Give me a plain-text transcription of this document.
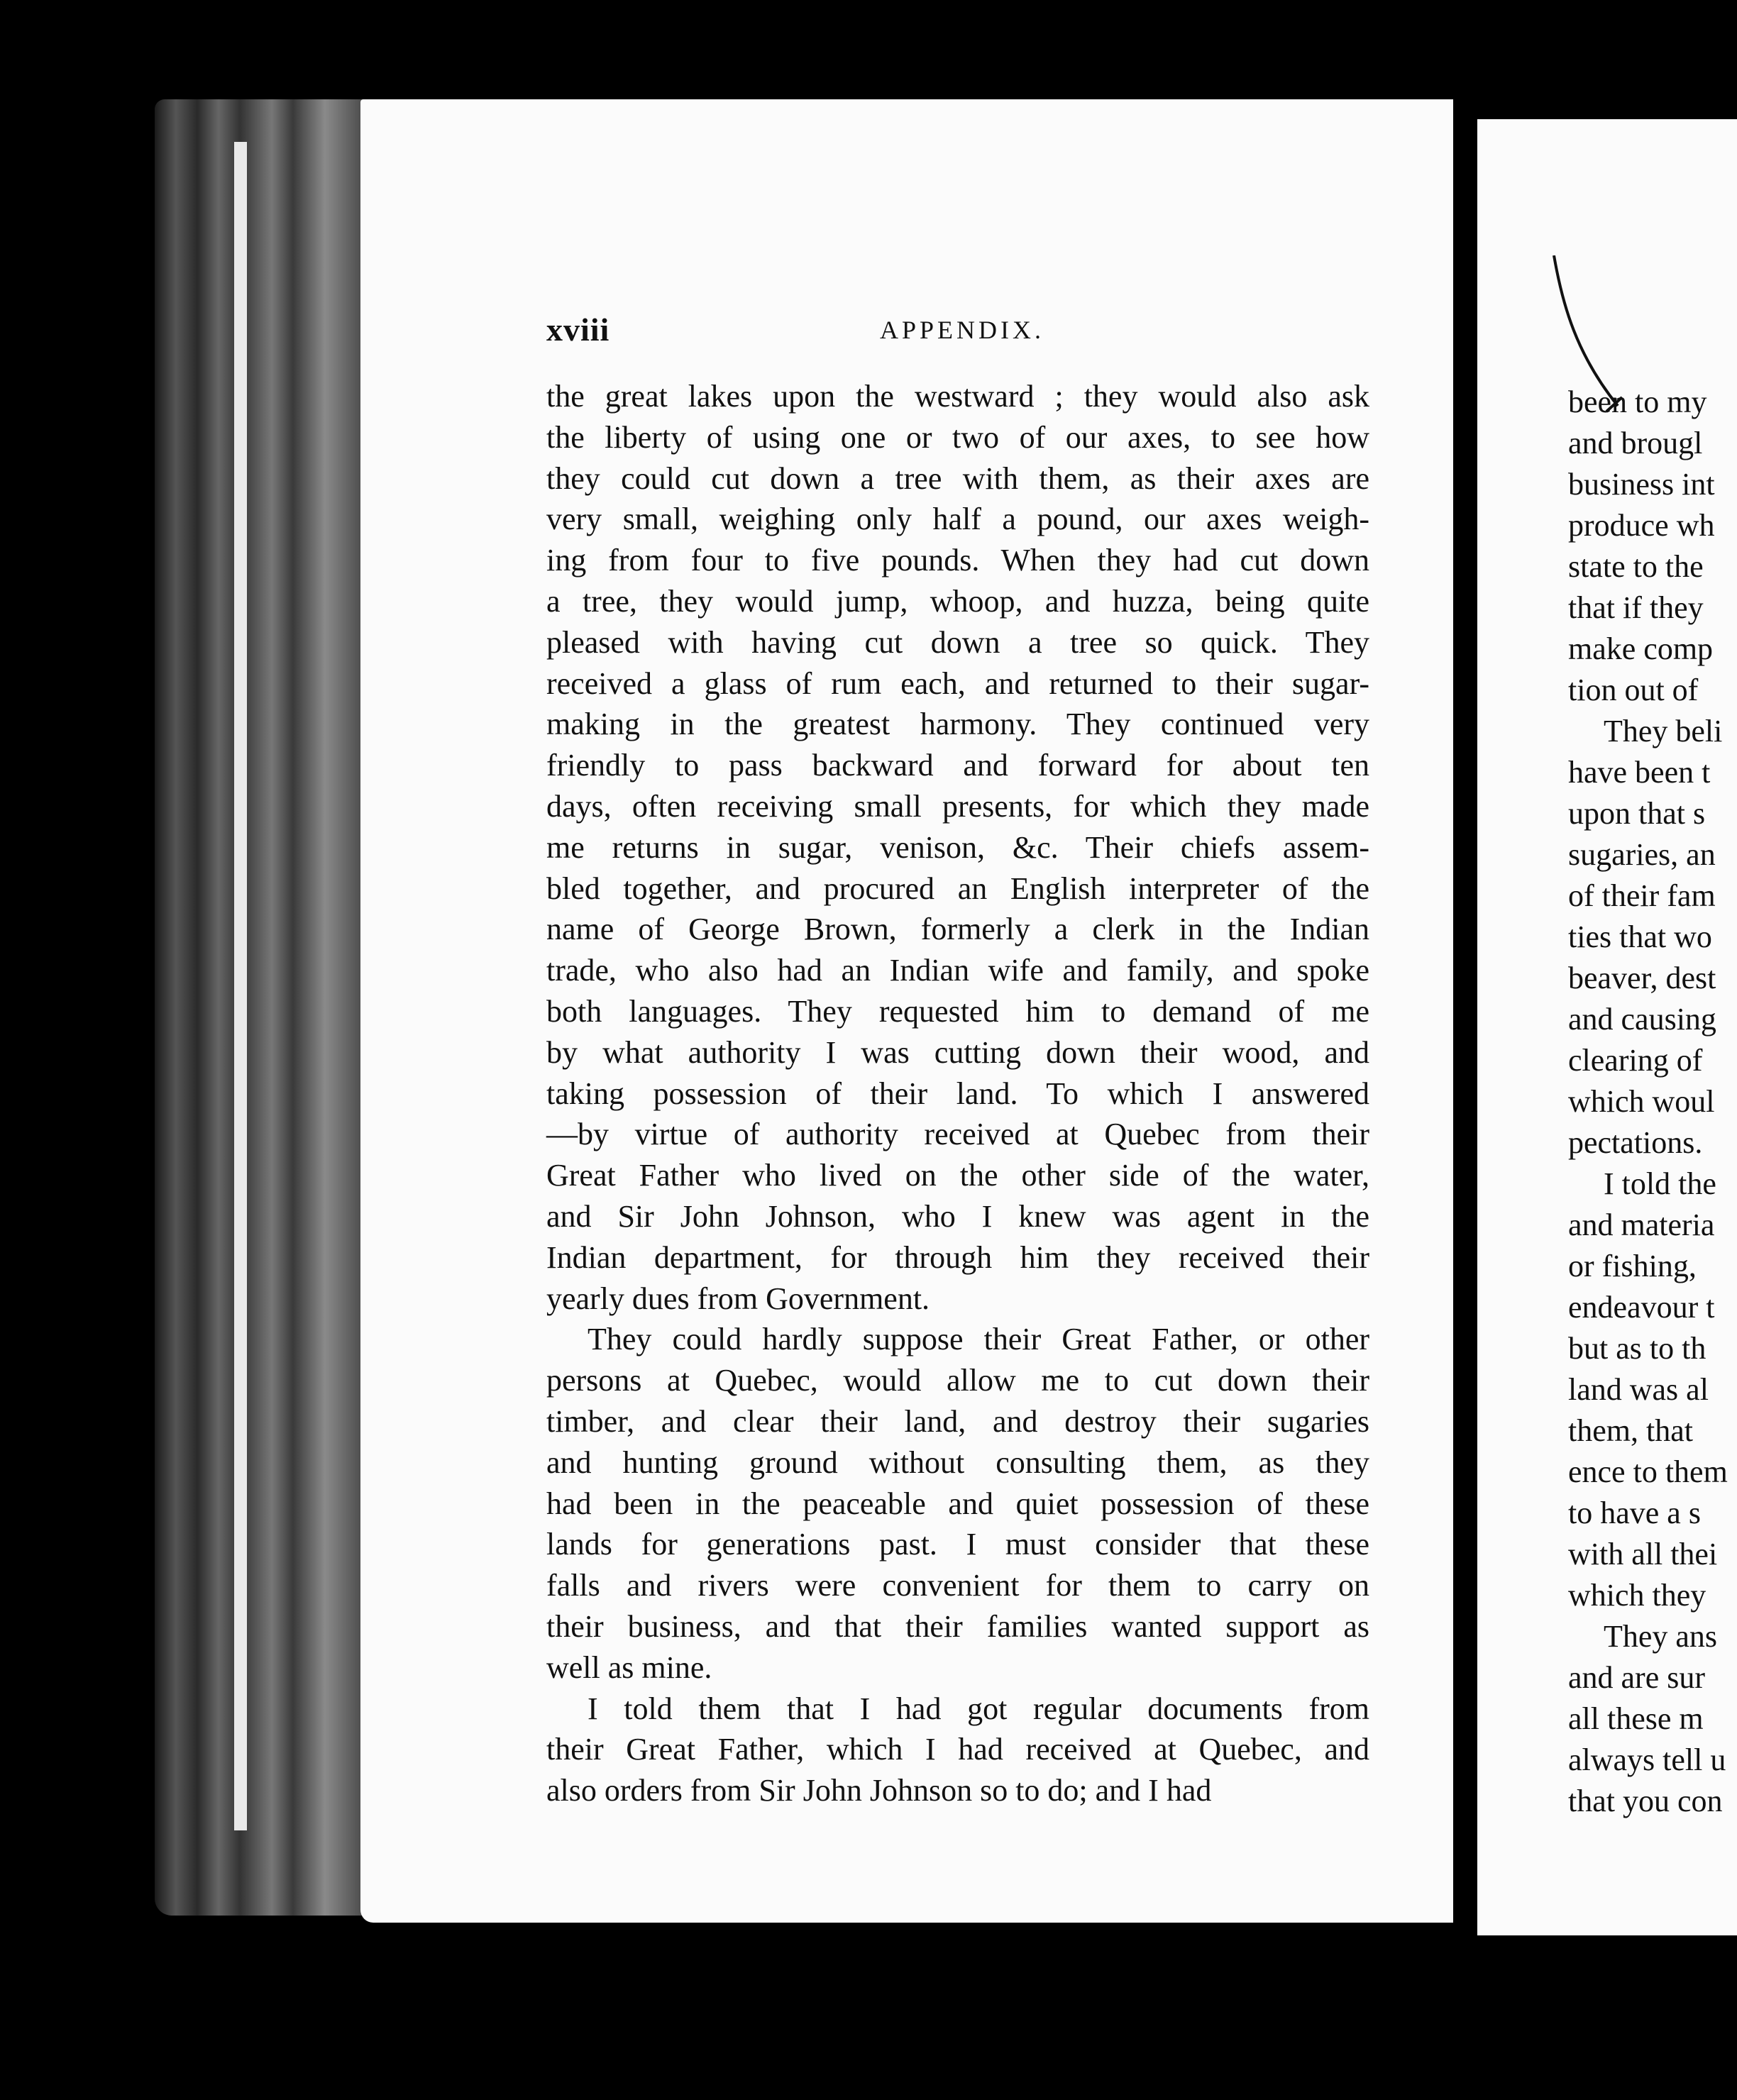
xviii	APPENDIX.

the great lakes upon the westward ; they would also ask
the liberty of using one or two of our axes, to see how
they could cut down a tree with them, as their axes are
very small, weighing only half a pound, our axes weigh-
ing from four to five pounds. When they had cut down
a tree, they would jump, whoop, and huzza, being quite
pleased with having cut down a tree so quick. They
received a glass of rum each, and returned to their sugar-
making in the greatest harmony. They continued very
friendly to pass backward and forward for about ten
days, often receiving small presents, for which they made
me returns in sugar, venison, &c. Their chiefs assem-
bled together, and procured an English interpreter of the
name of George Brown, formerly a clerk in the Indian
trade, who also had an Indian wife and family, and spoke
both languages. They requested him to demand of me
by what authority I was cutting down their wood, and
taking possession of their land. To which I answered
—by virtue of authority received at Quebec from their
Great Father who lived on the other side of the water,
and Sir John Johnson, who I knew was agent in the
Indian department, for through him they received their
yearly dues from Government.

They could hardly suppose their Great Father, or other
persons at Quebec, would allow me to cut down their
timber, and clear their land, and destroy their sugaries
and hunting ground without consulting them, as they
had been in the peaceable and quiet possession of these
lands for generations past. I must consider that these
falls and rivers were convenient for them to carry on
their business, and that their families wanted support as
well as mine.

I told them that I had got regular documents from
their Great Father, which I had received at Quebec, and
also orders from Sir John Johnson so to do; and I had

been to my
and brougl
business int
produce wh
state to the
that if they
make comp
tion out of
They beli
have been t
upon that s
sugaries, an
of their fam
ties that wo
beaver, dest
and causing
clearing of
which woul
pectations.
I told the
and materia
or fishing,
endeavour t
but as to th
land was al
them, that
ence to them
to have a s
with all thei
which they
They ans
and are sur
all these m
always tell u
that you con
